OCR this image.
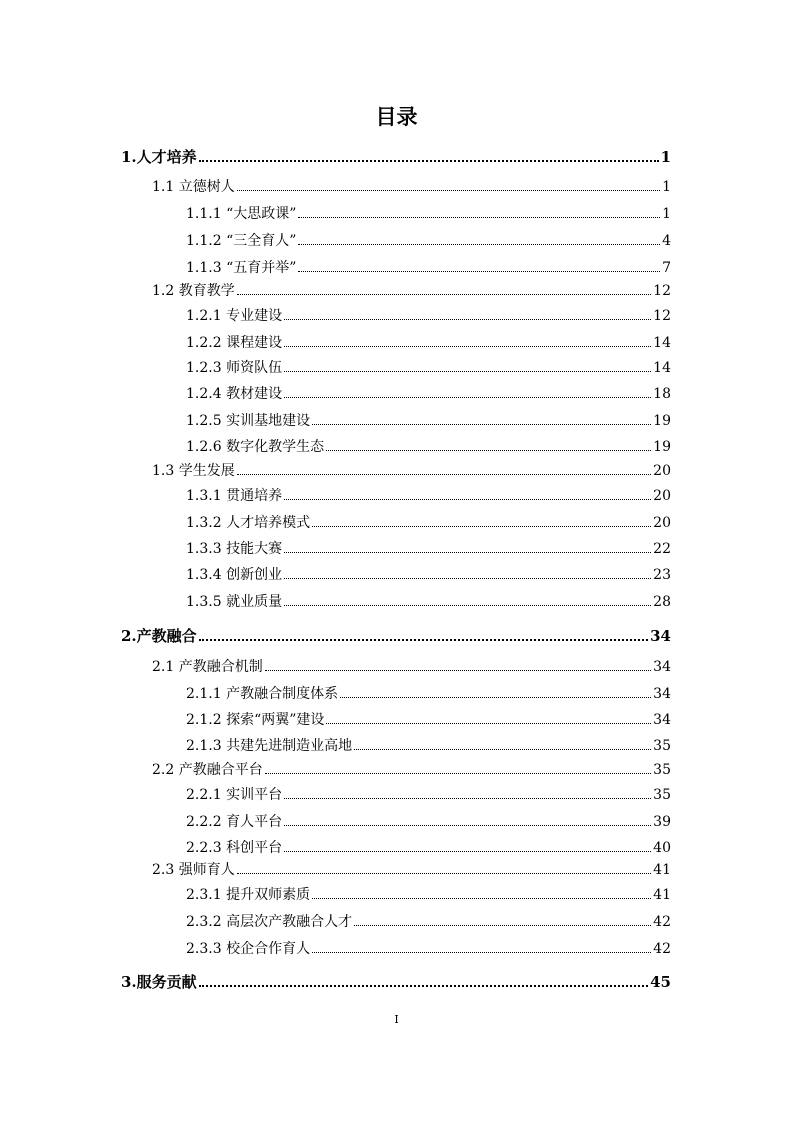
目录
1.人才培养	1
1.1 立德树人	1
1.1.1 “大思政课”	1
1.1.2 “三全育人”	4
1.1.3 “五育并举”	7
1.2 教育教学	12
1.2.1 专业建设	12
1.2.2 课程建设	14
1.2.3 师资队伍	14
1.2.4 教材建设	18
1.2.5 实训基地建设	19
1.2.6 数字化教学生态	19
1.3 学生发展	20
1.3.1 贯通培养	20
1.3.2 人才培养模式	20
1.3.3 技能大赛	22
1.3.4 创新创业	23
1.3.5 就业质量	28
2.产教融合	34
2.1 产教融合机制	34
2.1.1 产教融合制度体系	34
2.1.2 探索“两翼”建设	34
2.1.3 共建先进制造业高地	35
2.2 产教融合平台	35
2.2.1 实训平台	35
2.2.2 育人平台	39
2.2.3 科创平台	40
2.3 强师育人	41
2.3.1 提升双师素质	41
2.3.2 高层次产教融合人才	42
2.3.3 校企合作育人	42
3.服务贡献	45
I
